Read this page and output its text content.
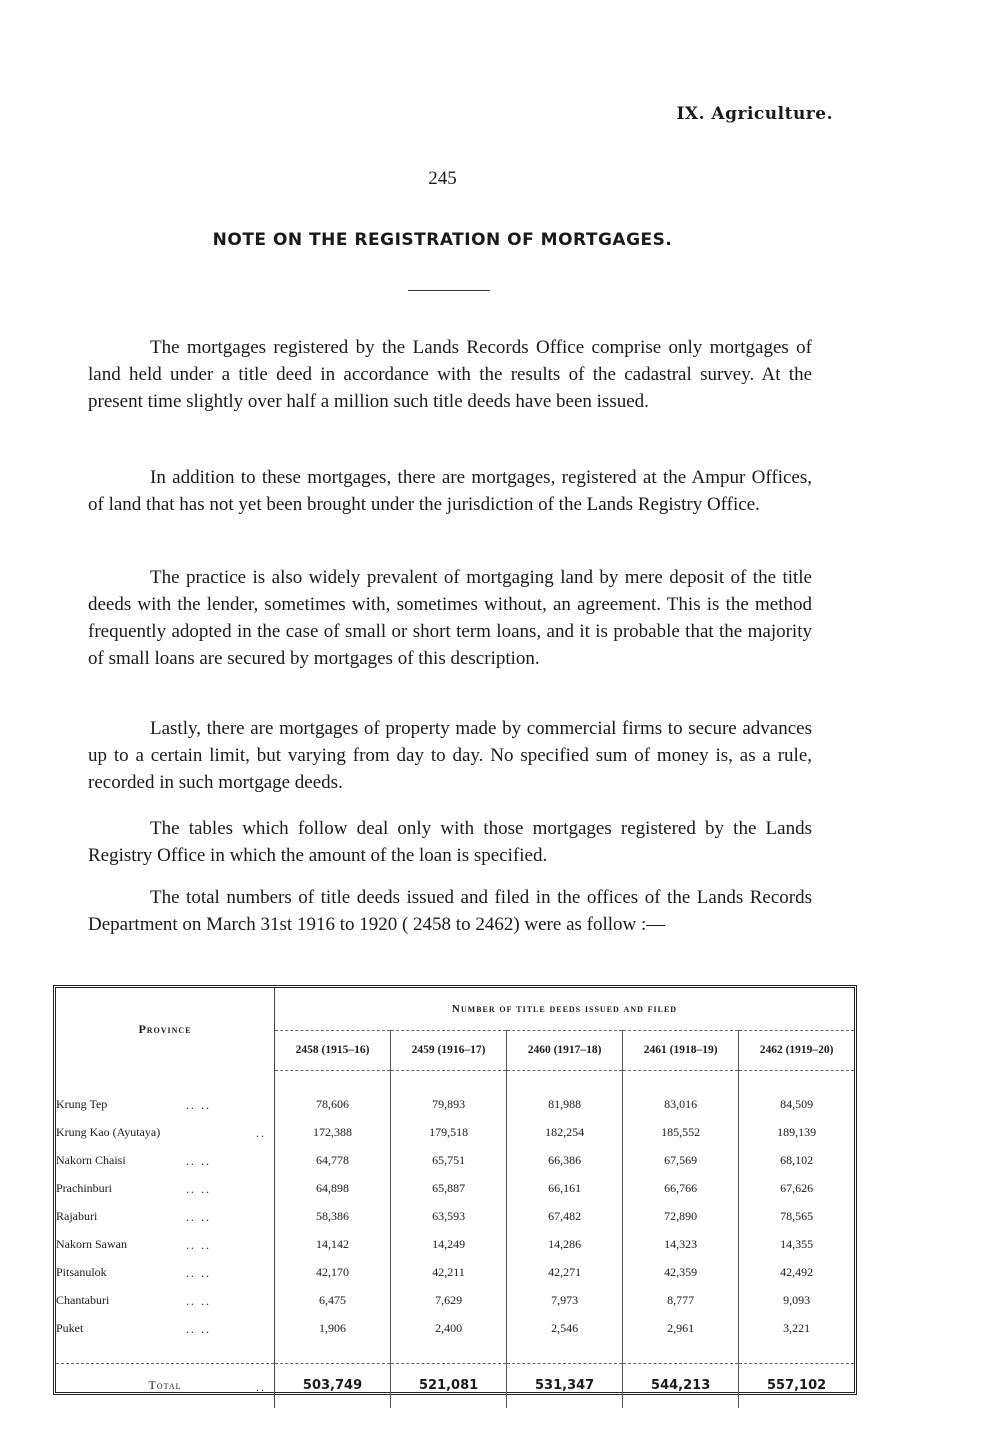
IX. Agriculture.
245
NOTE ON THE REGISTRATION OF MORTGAGES.

The mortgages registered by the Lands Records Office comprise only mortgages of land held under a title deed in accordance with the results of the cadastral survey. At the present time slightly over half a million such title deeds have been issued.

In addition to these mortgages, there are mortgages, registered at the Ampur Offices, of land that has not yet been brought under the jurisdiction of the Lands Registry Office.

The practice is also widely prevalent of mortgaging land by mere deposit of the title deeds with the lender, sometimes with, sometimes without, an agreement. This is the method frequently adopted in the case of small or short term loans, and it is probable that the majority of small loans are secured by mortgages of this description.

Lastly, there are mortgages of property made by commercial firms to secure advances up to a certain limit, but varying from day to day. No specified sum of money is, as a rule, recorded in such mortgage deeds.

The tables which follow deal only with those mortgages registered by the Lands Registry Office in which the amount of the loan is specified.

The total numbers of title deeds issued and filed in the offices of the Lands Records Department on March 31st 1916 to 1920 ( 2458 to 2462) were as follow :—

Province	Number of title deeds issued and filed				
	2458 (1915–16)	2459 (1916–17)	2460 (1917–18)	2461 (1918–19)	2462 (1919–20)

Krung Tep .. ..	78,606	79,893	81,988	83,016	84,509
Krung Kao (Ayutaya) ..	172,388	179,518	182,254	185,552	189,139
Nakorn Chaisi .. ..	64,778	65,751	66,386	67,569	68,102
Prachinburi .. ..	64,898	65,887	66,161	66,766	67,626
Rajaburi .. ..	58,386	63,593	67,482	72,890	78,565
Nakorn Sawan .. ..	14,142	14,249	14,286	14,323	14,355
Pitsanulok .. ..	42,170	42,211	42,271	42,359	42,492
Chantaburi .. ..	6,475	7,629	7,973	8,777	9,093
Puket .. ..	1,906	2,400	2,546	2,961	3,221

Total ..	503,749	521,081	531,347	544,213	557,102
